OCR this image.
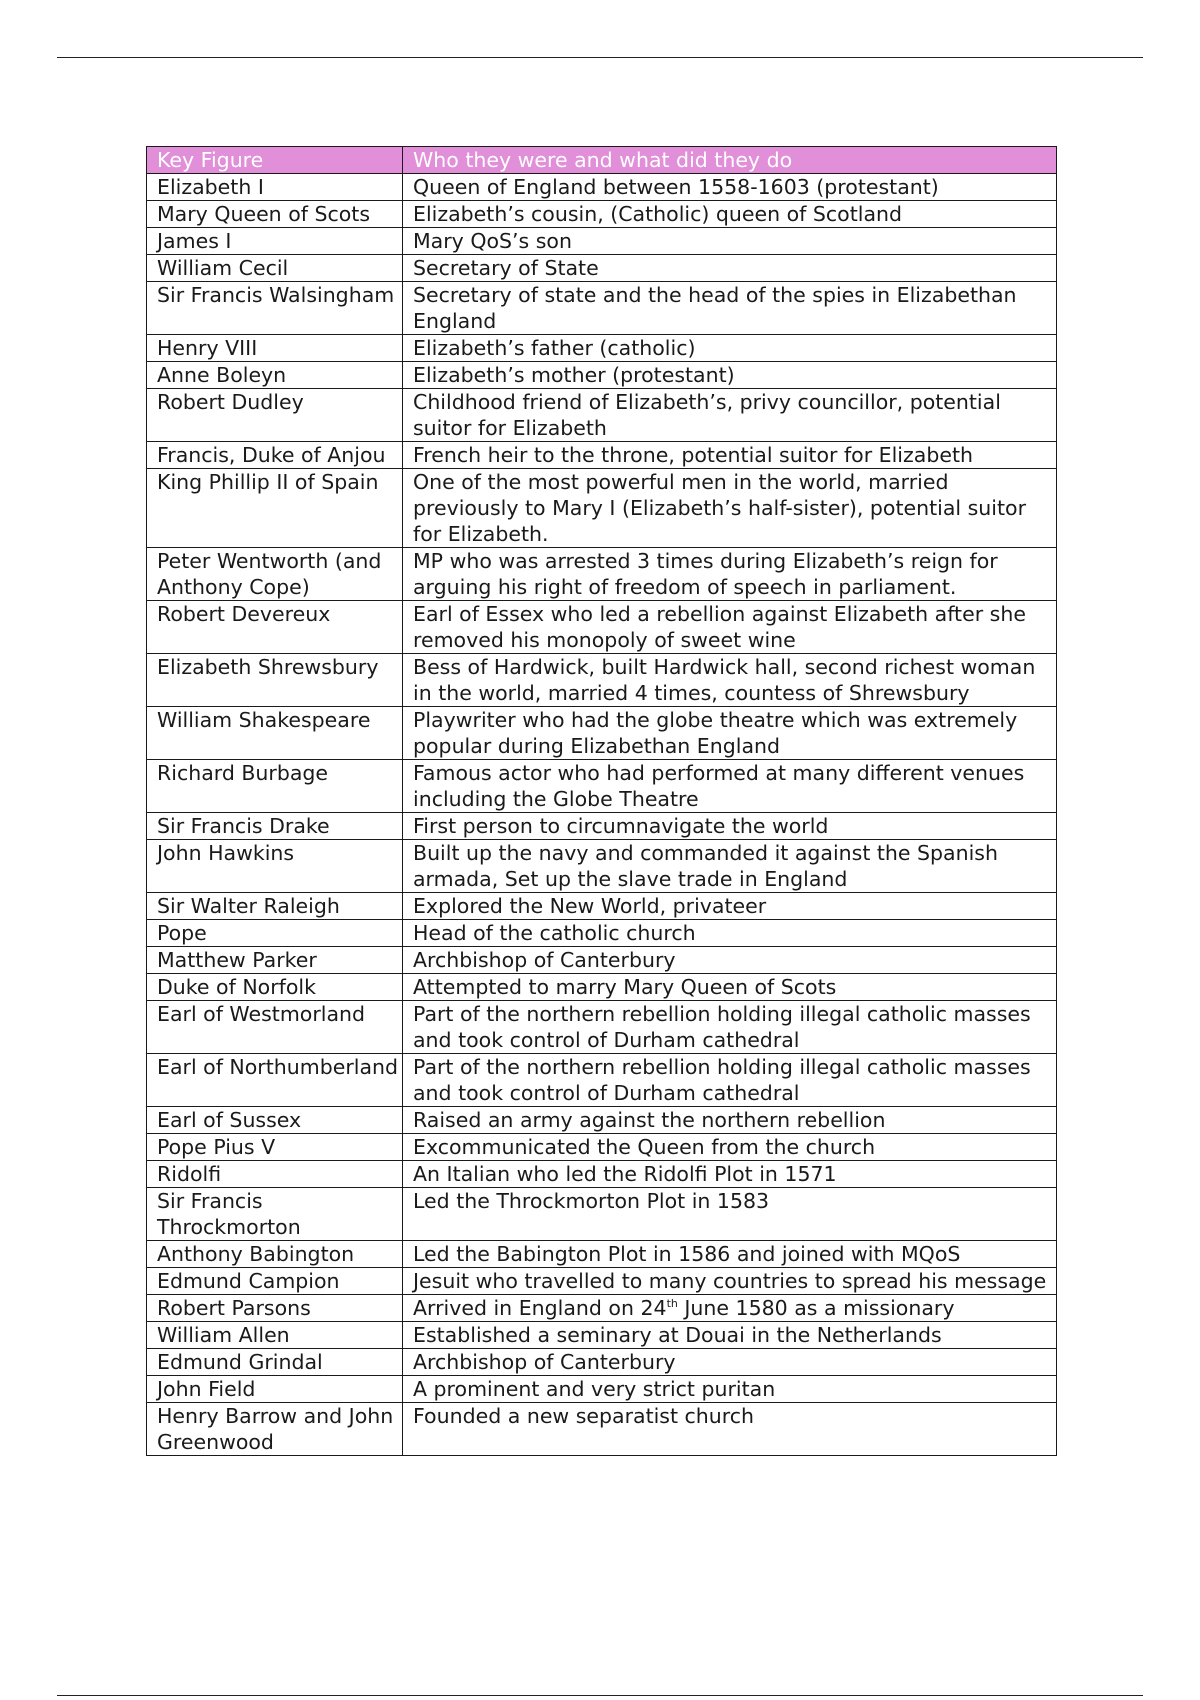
Key Figure	Who they were and what did they do
Elizabeth I	Queen of England between 1558-1603 (protestant)
Mary Queen of Scots	Elizabeth’s cousin, (Catholic) queen of Scotland
James I	Mary QoS’s son
William Cecil	Secretary of State
Sir Francis Walsingham	Secretary of state and the head of the spies in Elizabethan England
Henry VIII	Elizabeth’s father (catholic)
Anne Boleyn	Elizabeth’s mother (protestant)
Robert Dudley	Childhood friend of Elizabeth’s, privy councillor, potential suitor for Elizabeth
Francis, Duke of Anjou	French heir to the throne, potential suitor for Elizabeth
King Phillip II of Spain	One of the most powerful men in the world, married previously to Mary I (Elizabeth’s half-sister), potential suitor for Elizabeth.
Peter Wentworth (and Anthony Cope)	MP who was arrested 3 times during Elizabeth’s reign for arguing his right of freedom of speech in parliament.
Robert Devereux	Earl of Essex who led a rebellion against Elizabeth after she removed his monopoly of sweet wine
Elizabeth Shrewsbury	Bess of Hardwick, built Hardwick hall, second richest woman in the world, married 4 times, countess of Shrewsbury
William Shakespeare	Playwriter who had the globe theatre which was extremely popular during Elizabethan England
Richard Burbage	Famous actor who had performed at many different venues including the Globe Theatre
Sir Francis Drake	First person to circumnavigate the world
John Hawkins	Built up the navy and commanded it against the Spanish armada, Set up the slave trade in England
Sir Walter Raleigh	Explored the New World, privateer
Pope	Head of the catholic church
Matthew Parker	Archbishop of Canterbury
Duke of Norfolk	Attempted to marry Mary Queen of Scots
Earl of Westmorland	Part of the northern rebellion holding illegal catholic masses and took control of Durham cathedral
Earl of Northumberland	Part of the northern rebellion holding illegal catholic masses and took control of Durham cathedral
Earl of Sussex	Raised an army against the northern rebellion
Pope Pius V	Excommunicated the Queen from the church
Ridolfi	An Italian who led the Ridolfi Plot in 1571
Sir Francis Throckmorton	Led the Throckmorton Plot in 1583
Anthony Babington	Led the Babington Plot in 1586 and joined with MQoS
Edmund Campion	Jesuit who travelled to many countries to spread his message
Robert Parsons	Arrived in England on 24th June 1580 as a missionary
William Allen	Established a seminary at Douai in the Netherlands
Edmund Grindal	Archbishop of Canterbury
John Field	A prominent and very strict puritan
Henry Barrow and John Greenwood	Founded a new separatist church
